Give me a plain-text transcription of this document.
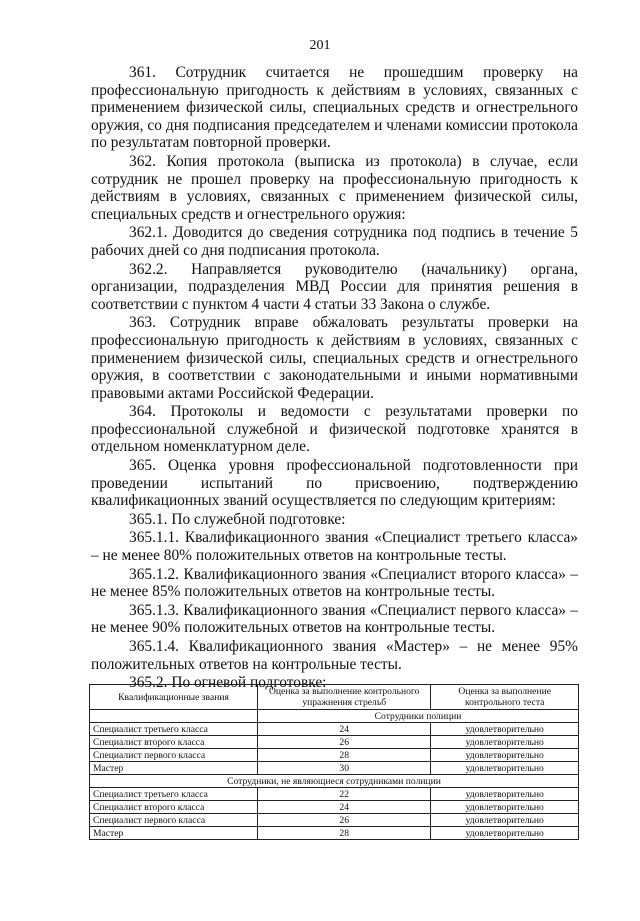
201

361. Сотрудник считается не прошедшим проверку на профессиональную пригодность к действиям в условиях, связанных с применением физической силы, специальных средств и огнестрельного оружия, со дня подписания председателем и членами комиссии протокола по результатам повторной проверки.

362. Копия протокола (выписка из протокола) в случае, если сотрудник не прошел проверку на профессиональную пригодность к действиям в условиях, связанных с применением физической силы, специальных средств и огнестрельного оружия:

362.1. Доводится до сведения сотрудника под подпись в течение 5 рабочих дней со дня подписания протокола.

362.2. Направляется руководителю (начальнику) органа, организации, подразделения МВД России для принятия решения в соответствии с пунктом 4 части 4 статьи 33 Закона о службе.

363. Сотрудник вправе обжаловать результаты проверки на профессиональную пригодность к действиям в условиях, связанных с применением физической силы, специальных средств и огнестрельного оружия, в соответствии с законодательными и иными нормативными правовыми актами Российской Федерации.

364. Протоколы и ведомости с результатами проверки по профессиональной служебной и физической подготовке хранятся в отдельном номенклатурном деле.

365. Оценка уровня профессиональной подготовленности при проведении испытаний по присвоению, подтверждению квалификационных званий осуществляется по следующим критериям:

365.1. По служебной подготовке:

365.1.1. Квалификационного звания «Специалист третьего класса» – не менее 80% положительных ответов на контрольные тесты.

365.1.2. Квалификационного звания «Специалист второго класса» – не менее 85% положительных ответов на контрольные тесты.

365.1.3. Квалификационного звания «Специалист первого класса» – не менее 90% положительных ответов на контрольные тесты.

365.1.4. Квалификационного звания «Мастер» – не менее 95% положительных ответов на контрольные тесты.

365.2. По огневой подготовке:

Квалификационные звания	Оценка за выполнение контрольного упражнения стрельб	Оценка за выполнение контрольного теста
	Сотрудники полиции	
Специалист третьего класса	24	удовлетворительно
Специалист второго класса	26	удовлетворительно
Специалист первого класса	28	удовлетворительно
Мастер	30	удовлетворительно
Сотрудники, не являющиеся сотрудниками полиции		
Специалист третьего класса	22	удовлетворительно
Специалист второго класса	24	удовлетворительно
Специалист первого класса	26	удовлетворительно
Мастер	28	удовлетворительно
